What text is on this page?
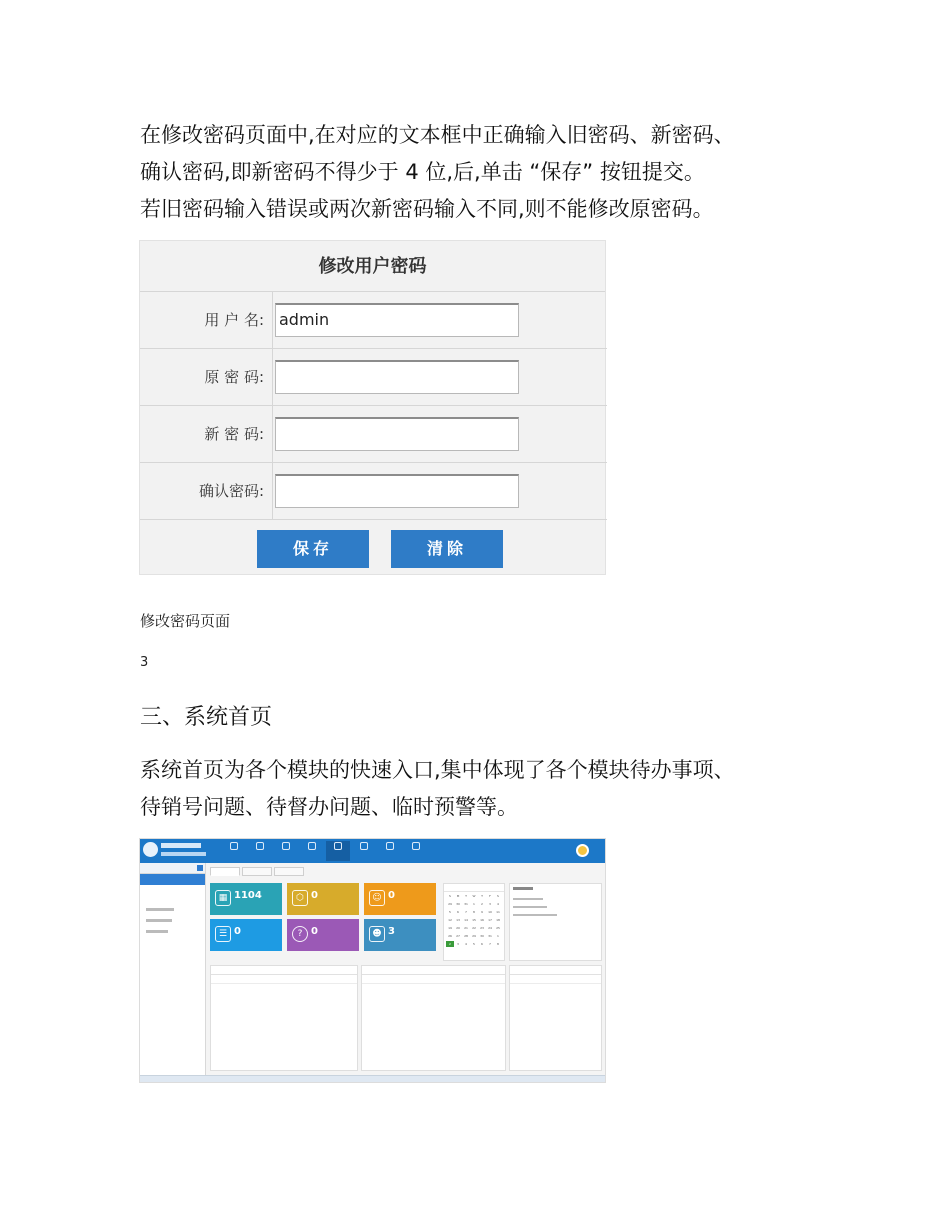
在修改密码页面中,在对应的文本框中正确输入旧密码、新密码、
确认密码,即新密码不得少于 4 位,后,单击 “保存” 按钮提交。
若旧密码输入错误或两次新密码输入不同,则不能修改原密码。
修改用户密码
用 户 名: admin
原 密 码:
新 密 码:
确认密码:
保存	清除
修改密码页面
3
三、系统首页
系统首页为各个模块的快速入口,集中体现了各个模块待办事项、
待销号问题、待督办问题、临时预警等。
▦ 1104	⬡ 0	☺ 0
☰ 0	? 0	☻ 3
S	M	T	W	T	F	S
29	30	31	1	2	3	4
5	6	7	8	9	10	11
12	13	14	15	16	17	18
19	20	21	22	23	24	25
26	27	28	29	30	31	1
2	3	4	5	6	7	8
